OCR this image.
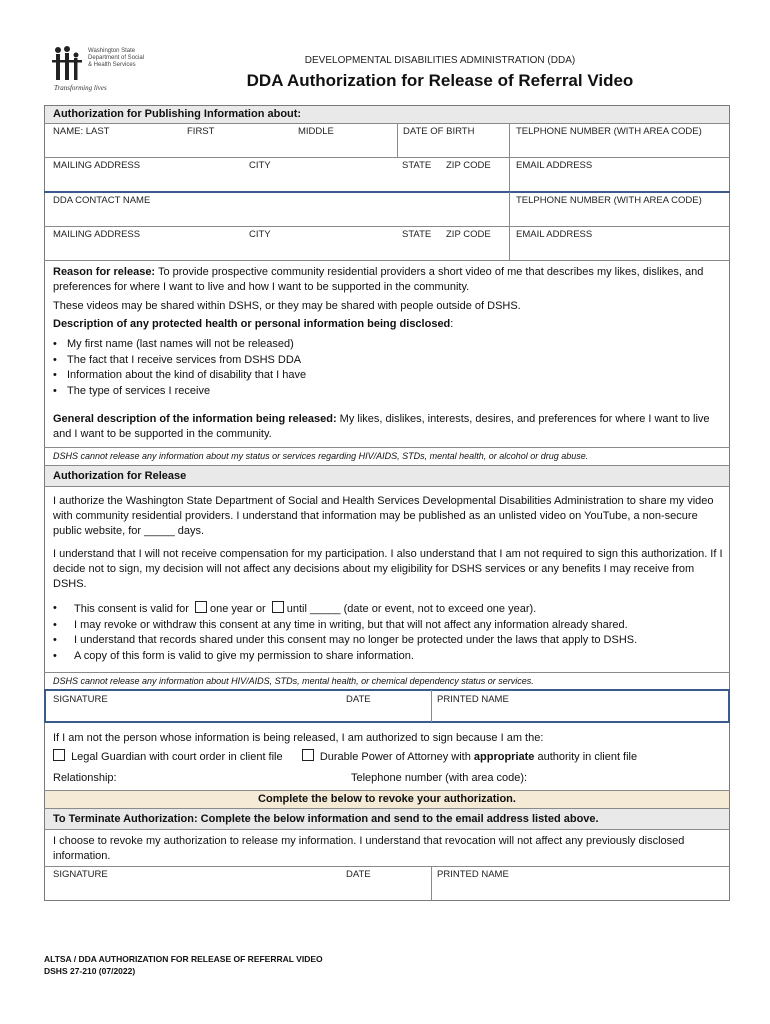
Washington State
Department of Social
& Health Services
Transforming lives
DEVELOPMENTAL DISABILITIES ADMINISTRATION (DDA)
DDA Authorization for Release of Referral Video
Authorization for Publishing Information about:
NAME: LAST	FIRST	MIDDLE	DATE OF BIRTH	TELPHONE NUMBER (WITH AREA CODE)
MAILING ADDRESS	CITY	STATE ZIP CODE	EMAIL ADDRESS
DDA CONTACT NAME	TELPHONE NUMBER (WITH AREA CODE)
MAILING ADDRESS	CITY	STATE ZIP CODE	EMAIL ADDRESS
Reason for release: To provide prospective community residential providers a short video of me that describes my likes, dislikes, and preferences for where I want to live and how I want to be supported in the community.
These videos may be shared within DSHS, or they may be shared with people outside of DSHS.
Description of any protected health or personal information being disclosed:
• My first name (last names will not be released)
• The fact that I receive services from DSHS DDA
• Information about the kind of disability that I have
• The type of services I receive
General description of the information being released: My likes, dislikes, interests, desires, and preferences for where I want to live and I want to be supported in the community.
DSHS cannot release any information about my status or services regarding HIV/AIDS, STDs, mental health, or alcohol or drug abuse.
Authorization for Release
I authorize the Washington State Department of Social and Health Services Developmental Disabilities Administration to share my video with community residential providers. I understand that information may be published as an unlisted video on YouTube, a non-secure public website, for _____ days.
I understand that I will not receive compensation for my participation. I also understand that I am not required to sign this authorization. If I decide not to sign, my decision will not affect any decisions about my eligibility for DSHS services or any benefits I may receive from DSHS.
• This consent is valid for one year or until _____ (date or event, not to exceed one year).
• I may revoke or withdraw this consent at any time in writing, but that will not affect any information already shared.
• I understand that records shared under this consent may no longer be protected under the laws that apply to DSHS.
• A copy of this form is valid to give my permission to share information.
DSHS cannot release any information about HIV/AIDS, STDs, mental health, or chemical dependency status or services.
SIGNATURE	DATE	PRINTED NAME
If I am not the person whose information is being released, I am authorized to sign because I am the:
Legal Guardian with court order in client file	Durable Power of Attorney with appropriate authority in client file
Relationship:	Telephone number (with area code):
Complete the below to revoke your authorization.
To Terminate Authorization: Complete the below information and send to the email address listed above.
I choose to revoke my authorization to release my information. I understand that revocation will not affect any previously disclosed information.
SIGNATURE	DATE	PRINTED NAME
ALTSA / DDA AUTHORIZATION FOR RELEASE OF REFERRAL VIDEO
DSHS 27-210 (07/2022)
